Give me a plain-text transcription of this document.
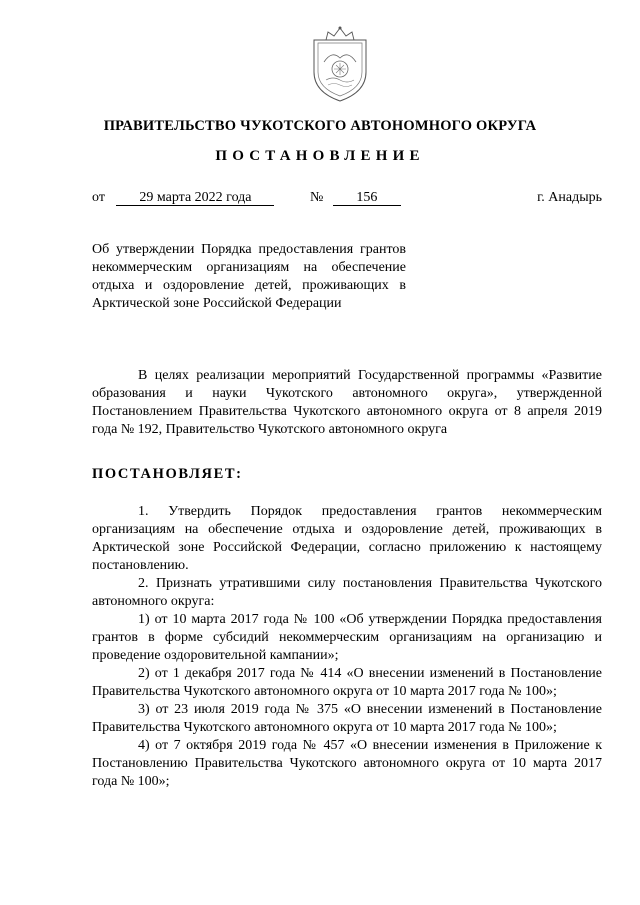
ПРАВИТЕЛЬСТВО ЧУКОТСКОГО АВТОНОМНОГО ОКРУГА
ПОСТАНОВЛЕНИЕ
от 29 марта 2022 года	№ 156	г. Анадырь
Об утверждении Порядка предоставления грантов некоммерческим организациям на обеспечение отдыха и оздоровление детей, проживающих в Арктической зоне Российской Федерации

В целях реализации мероприятий Государственной программы «Развитие образования и науки Чукотского автономного округа», утвержденной Постановлением Правительства Чукотского автономного округа от 8 апреля 2019 года № 192, Правительство Чукотского автономного округа

ПОСТАНОВЛЯЕТ:

1. Утвердить Порядок предоставления грантов некоммерческим организациям на обеспечение отдыха и оздоровление детей, проживающих в Арктической зоне Российской Федерации, согласно приложению к настоящему постановлению.

2. Признать утратившими силу постановления Правительства Чукотского автономного округа:

1) от 10 марта 2017 года № 100 «Об утверждении Порядка предоставления грантов в форме субсидий некоммерческим организациям на организацию и проведение оздоровительной кампании»;

2) от 1 декабря 2017 года № 414 «О внесении изменений в Постановление Правительства Чукотского автономного округа от 10 марта 2017 года № 100»;

3) от 23 июля 2019 года № 375 «О внесении изменений в Постановление Правительства Чукотского автономного округа от 10 марта 2017 года № 100»;

4) от 7 октября 2019 года № 457 «О внесении изменения в Приложение к Постановлению Правительства Чукотского автономного округа от 10 марта 2017 года № 100»;
